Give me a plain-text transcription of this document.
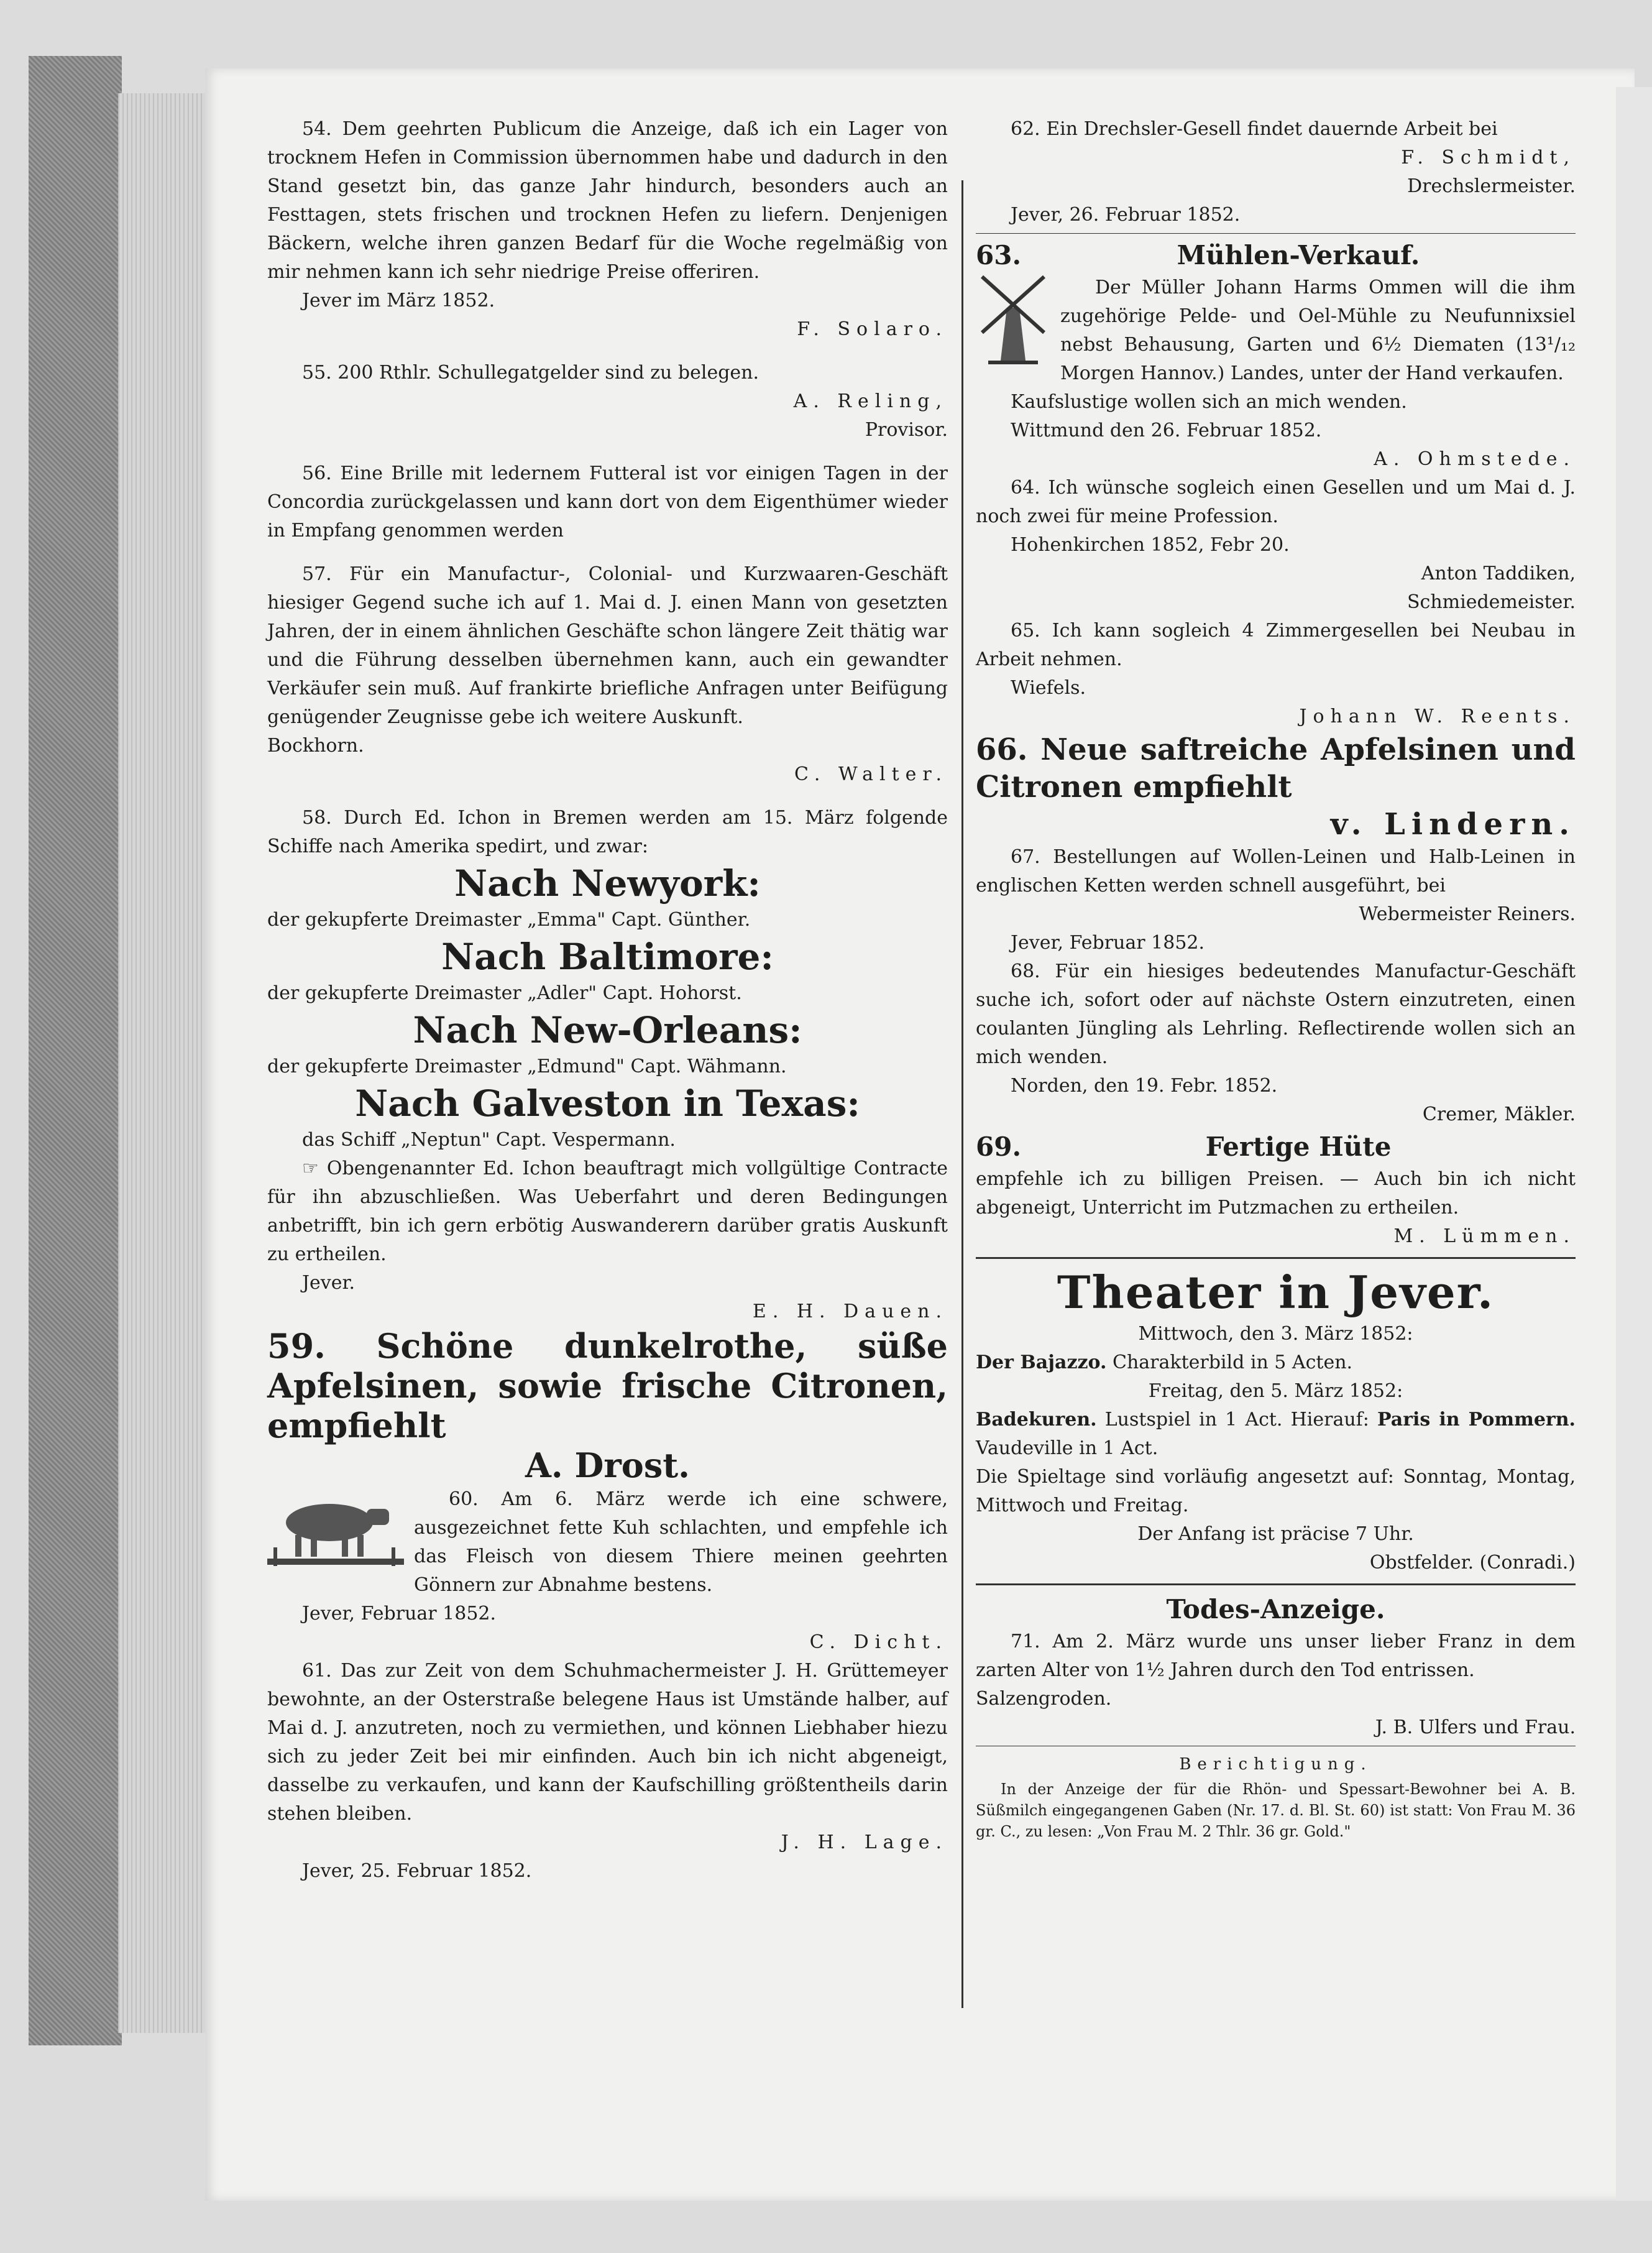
54. Dem geehrten Publicum die Anzeige, daß ich ein Lager von trocknem Hefen in Commission übernommen habe und dadurch in den Stand gesetzt bin, das ganze Jahr hindurch, besonders auch an Festtagen, stets frischen und trocknen Hefen zu liefern. Denjenigen Bäckern, welche ihren ganzen Bedarf für die Woche regelmäßig von mir nehmen kann ich sehr niedrige Preise offeriren.

Jever im März 1852.
F. Solaro.

55. 200 Rthlr. Schullegatgelder sind zu belegen.

A. Reling,
Provisor.

56. Eine Brille mit ledernem Futteral ist vor einigen Tagen in der Concordia zurückgelassen und kann dort von dem Eigenthümer wieder in Empfang genommen werden

57. Für ein Manufactur-, Colonial- und Kurzwaaren-Geschäft hiesiger Gegend suche ich auf 1. Mai d. J. einen Mann von gesetzten Jahren, der in einem ähnlichen Geschäfte schon längere Zeit thätig war und die Führung desselben übernehmen kann, auch ein gewandter Verkäufer sein muß. Auf frankirte briefliche Anfragen unter Beifügung genügender Zeugnisse gebe ich weitere Auskunft.

Bockhorn.
C. Walter.

58. Durch Ed. Ichon in Bremen werden am 15. März folgende Schiffe nach Amerika spedirt, und zwar:

Nach Newyork:
der gekupferte Dreimaster „Emma" Capt. Günther.
Nach Baltimore:
der gekupferte Dreimaster „Adler" Capt. Hohorst.
Nach New-Orleans:
der gekupferte Dreimaster „Edmund" Capt. Wähmann.
Nach Galveston in Texas:
das Schiff „Neptun" Capt. Vespermann.

☞ Obengenannter Ed. Ichon beauftragt mich vollgültige Contracte für ihn abzuschließen. Was Ueberfahrt und deren Bedingungen anbetrifft, bin ich gern erbötig Auswanderern darüber gratis Auskunft zu ertheilen.

Jever.
E. H. Dauen.
59. Schöne dunkelrothe, süße Apfelsinen, sowie frische Citronen, empfiehlt
A. Drost.

60. Am 6. März werde ich eine schwere, ausgezeichnet fette Kuh schlachten, und empfehle ich das Fleisch von diesem Thiere meinen geehrten Gönnern zur Abnahme bestens.

Jever, Februar 1852.
C. Dicht.

61. Das zur Zeit von dem Schuhmachermeister J. H. Grüttemeyer bewohnte, an der Osterstraße belegene Haus ist Umstände halber, auf Mai d. J. anzutreten, noch zu vermiethen, und können Liebhaber hiezu sich zu jeder Zeit bei mir einfinden. Auch bin ich nicht abgeneigt, dasselbe zu verkaufen, und kann der Kaufschilling größtentheils darin stehen bleiben.

J. H. Lage.
Jever, 25. Februar 1852.

62. Ein Drechsler-Gesell findet dauernde Arbeit bei

F. Schmidt,
Drechslermeister.
Jever, 26. Februar 1852.
63.	Mühlen-Verkauf.

Der Müller Johann Harms Ommen will die ihm zugehörige Pelde- und Oel-Mühle zu Neufunnixsiel nebst Behausung, Garten und 6½ Diematen (13¹/₁₂ Morgen Hannov.) Landes, unter der Hand verkaufen.

Kaufslustige wollen sich an mich wenden.
Wittmund den 26. Februar 1852.
A. Ohmstede.

64. Ich wünsche sogleich einen Gesellen und um Mai d. J. noch zwei für meine Profession.

Hohenkirchen 1852, Febr 20.
Anton Taddiken,
Schmiedemeister.

65. Ich kann sogleich 4 Zimmergesellen bei Neubau in Arbeit nehmen.

Wiefels.
Johann W. Reents.
66. Neue saftreiche Apfelsinen und Citronen empfiehlt
v. Lindern.

67. Bestellungen auf Wollen-Leinen und Halb-Leinen in englischen Ketten werden schnell ausgeführt, bei

Webermeister Reiners.
Jever, Februar 1852.

68. Für ein hiesiges bedeutendes Manufactur-Geschäft suche ich, sofort oder auf nächste Ostern einzutreten, einen coulanten Jüngling als Lehrling. Reflectirende wollen sich an mich wenden.

Norden, den 19. Febr. 1852.
Cremer, Mäkler.
69.	Fertige Hüte
empfehle ich zu billigen Preisen. — Auch bin ich nicht abgeneigt, Unterricht im Putzmachen zu ertheilen.
M. Lümmen.
Theater in Jever.
Mittwoch, den 3. März 1852:
Der Bajazzo. Charakterbild in 5 Acten.
Freitag, den 5. März 1852:
Badekuren. Lustspiel in 1 Act. Hierauf: Paris in Pommern. Vaudeville in 1 Act.
Die Spieltage sind vorläufig angesetzt auf: Sonntag, Montag, Mittwoch und Freitag.
Der Anfang ist präcise 7 Uhr.
Obstfelder. (Conradi.)
Todes-Anzeige.

71. Am 2. März wurde uns unser lieber Franz in dem zarten Alter von 1½ Jahren durch den Tod entrissen.

Salzengroden.
J. B. Ulfers und Frau.
Berichtigung.

In der Anzeige der für die Rhön- und Spessart-Bewohner bei A. B. Süßmilch eingegangenen Gaben (Nr. 17. d. Bl. St. 60) ist statt: Von Frau M. 36 gr. C., zu lesen: „Von Frau M. 2 Thlr. 36 gr. Gold."
